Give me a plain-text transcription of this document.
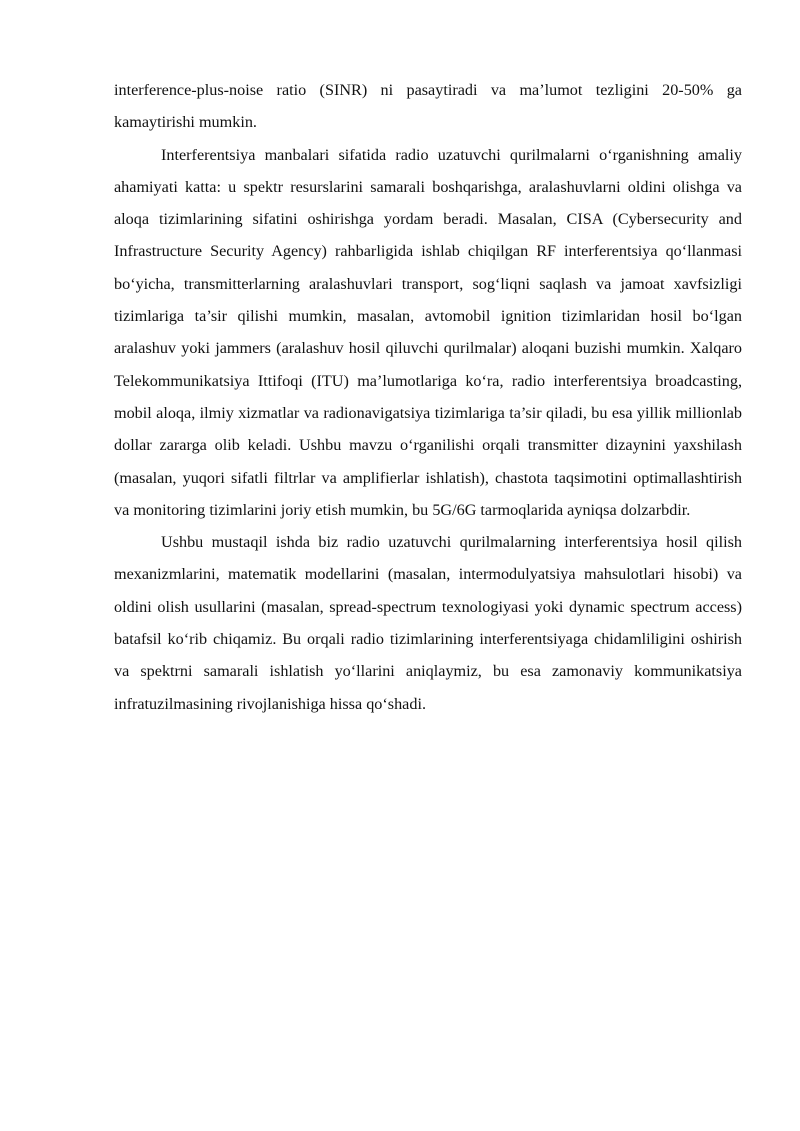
interference-plus-noise ratio (SINR) ni pasaytiradi va ma’lumot tezligini 20-50% ga kamaytirishi mumkin.

Interferentsiya manbalari sifatida radio uzatuvchi qurilmalarni o‘rganishning amaliy ahamiyati katta: u spektr resurslarini samarali boshqarishga, aralashuvlarni oldini olishga va aloqa tizimlarining sifatini oshirishga yordam beradi. Masalan, CISA (Cybersecurity and Infrastructure Security Agency) rahbarligida ishlab chiqilgan RF interferentsiya qo‘llanmasi bo‘yicha, transmitterlarning aralashuvlari transport, sog‘liqni saqlash va jamoat xavfsizligi tizimlariga ta’sir qilishi mumkin, masalan, avtomobil ignition tizimlaridan hosil bo‘lgan aralashuv yoki jammers (aralashuv hosil qiluvchi qurilmalar) aloqani buzishi mumkin. Xalqaro Telekommunikatsiya Ittifoqi (ITU) ma’lumotlariga ko‘ra, radio interferentsiya broadcasting, mobil aloqa, ilmiy xizmatlar va radionavigatsiya tizimlariga ta’sir qiladi, bu esa yillik millionlab dollar zararga olib keladi. Ushbu mavzu o‘rganilishi orqali transmitter dizaynini yaxshilash (masalan, yuqori sifatli filtrlar va amplifierlar ishlatish), chastota taqsimotini optimallashtirish va monitoring tizimlarini joriy etish mumkin, bu 5G/6G tarmoqlarida ayniqsa dolzarbdir.

Ushbu mustaqil ishda biz radio uzatuvchi qurilmalarning interferentsiya hosil qilish mexanizmlarini, matematik modellarini (masalan, intermodulyatsiya mahsulotlari hisobi) va oldini olish usullarini (masalan, spread-spectrum texnologiyasi yoki dynamic spectrum access) batafsil ko‘rib chiqamiz. Bu orqali radio tizimlarining interferentsiyaga chidamliligini oshirish va spektrni samarali ishlatish yo‘llarini aniqlaymiz, bu esa zamonaviy kommunikatsiya infratuzilmasining rivojlanishiga hissa qo‘shadi.
